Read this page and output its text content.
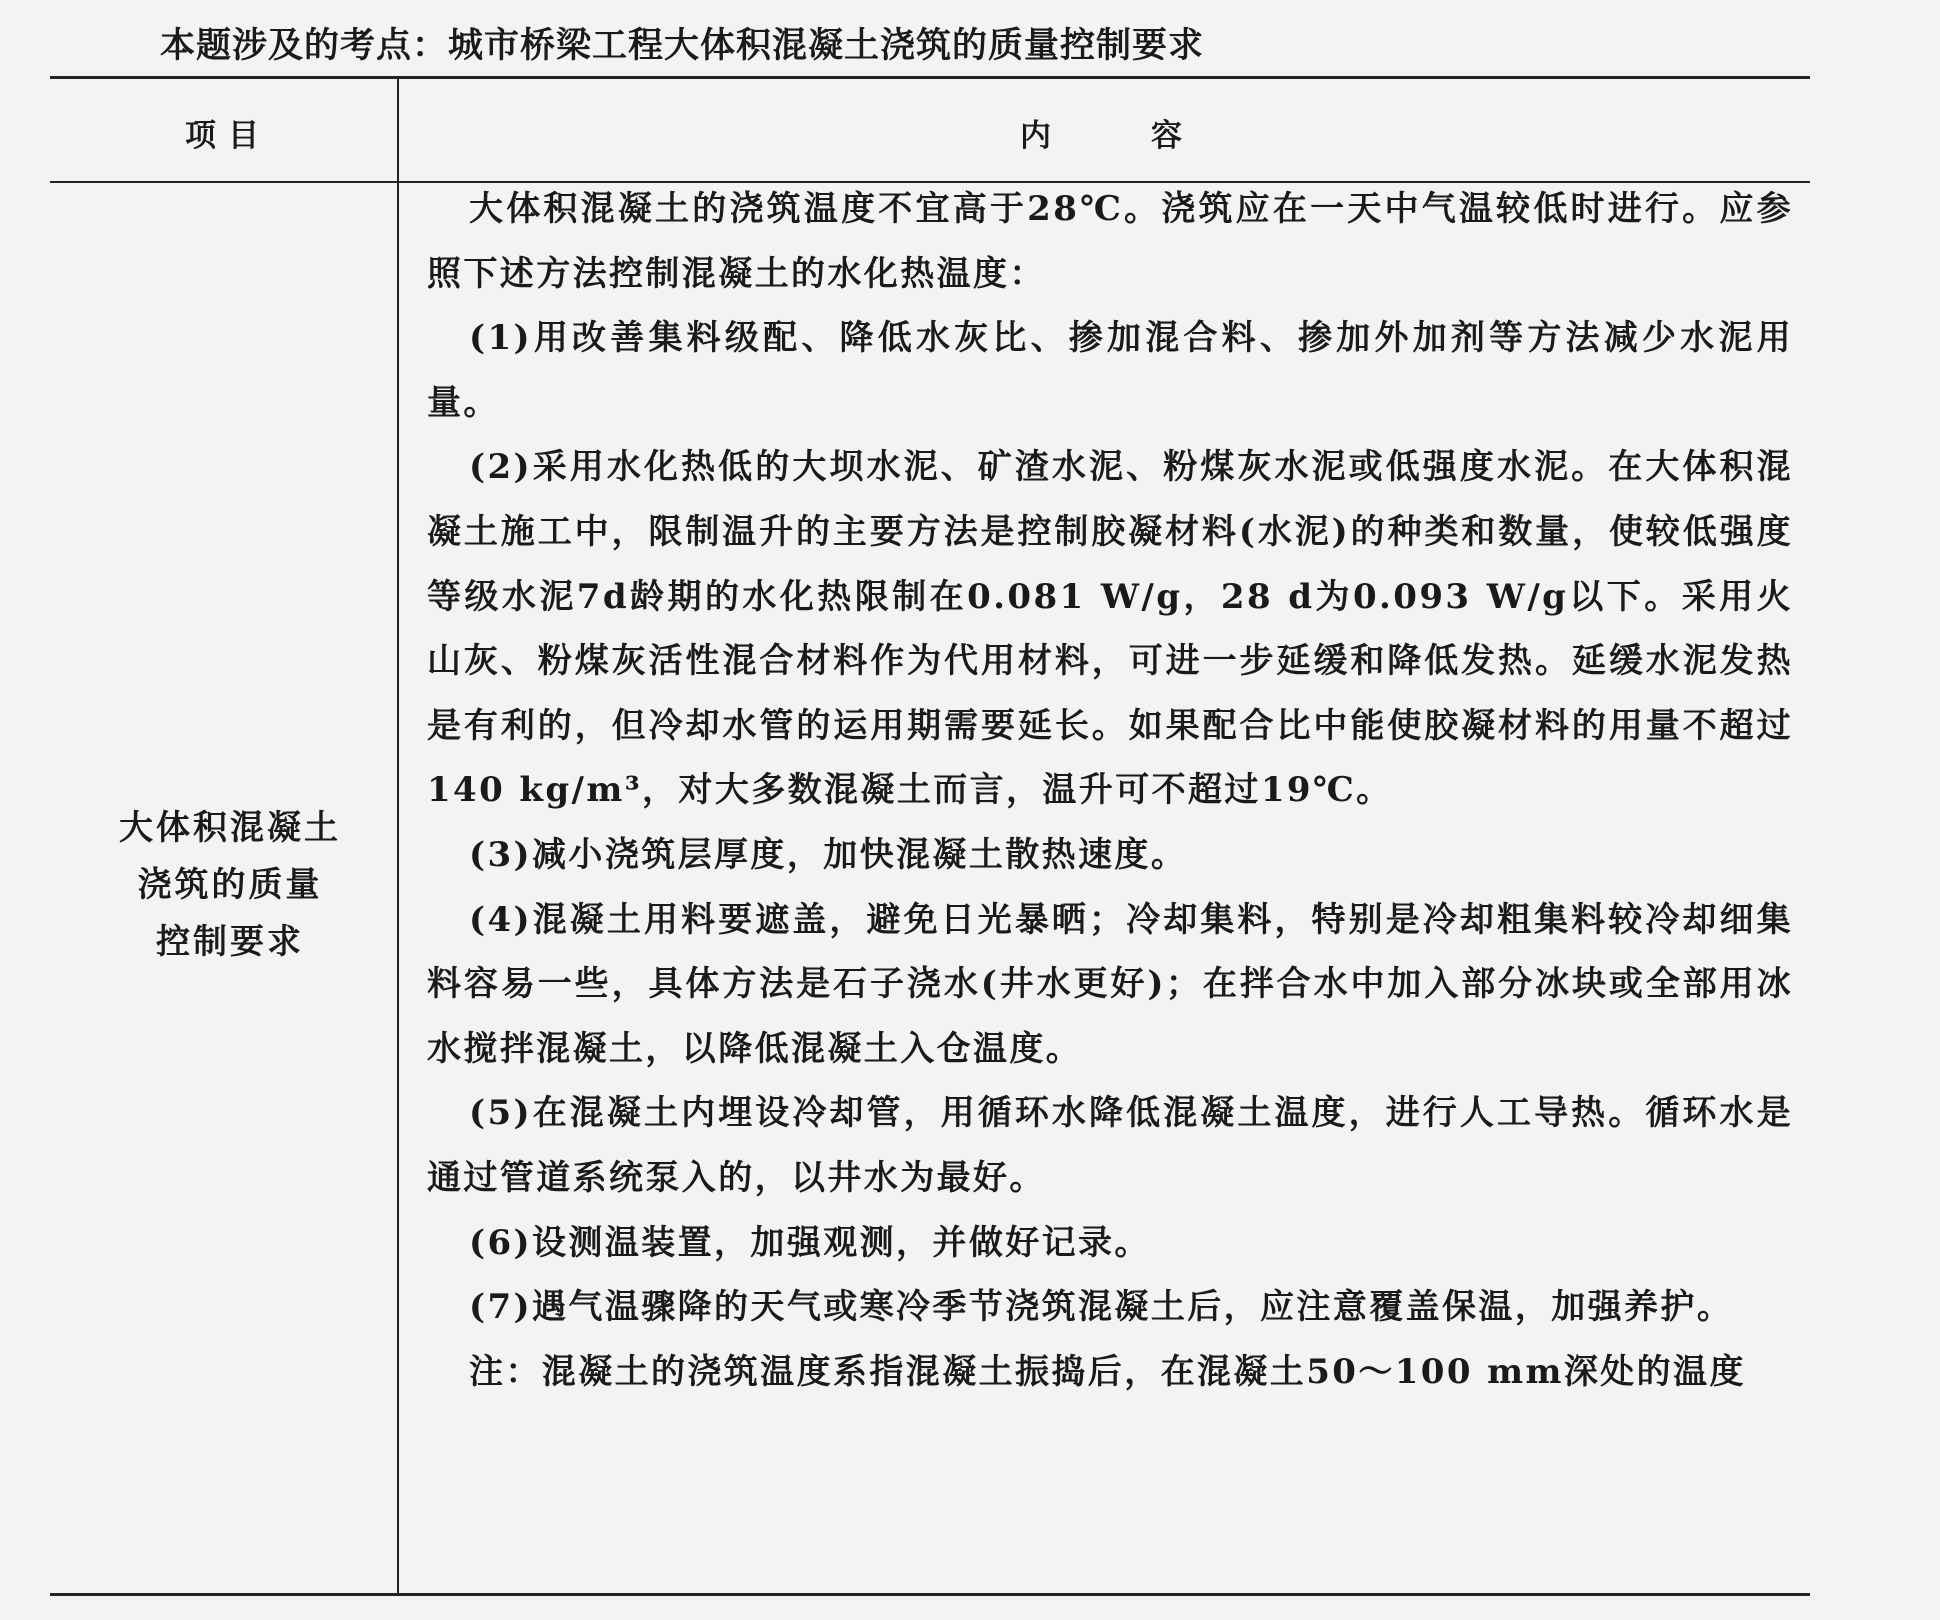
本题涉及的考点：城市桥梁工程大体积混凝土浇筑的质量控制要求
项目	内容
大体积混凝土
浇筑的质量
控制要求

大体积混凝土的浇筑温度不宜高于28℃。浇筑应在一天中气温较低时进行。应参照下述方法控制混凝土的水化热温度：

(1)用改善集料级配、降低水灰比、掺加混合料、掺加外加剂等方法减少水泥用量。

(2)采用水化热低的大坝水泥、矿渣水泥、粉煤灰水泥或低强度水泥。在大体积混凝土施工中，限制温升的主要方法是控制胶凝材料(水泥)的种类和数量，使较低强度等级水泥7d龄期的水化热限制在0.081 W/g，28 d为0.093 W/g以下。采用火山灰、粉煤灰活性混合材料作为代用材料，可进一步延缓和降低发热。延缓水泥发热是有利的，但冷却水管的运用期需要延长。如果配合比中能使胶凝材料的用量不超过140 kg/m³，对大多数混凝土而言，温升可不超过19℃。

(3)减小浇筑层厚度，加快混凝土散热速度。

(4)混凝土用料要遮盖，避免日光暴晒；冷却集料，特别是冷却粗集料较冷却细集料容易一些，具体方法是石子浇水(井水更好)；在拌合水中加入部分冰块或全部用冰水搅拌混凝土，以降低混凝土入仓温度。

(5)在混凝土内埋设冷却管，用循环水降低混凝土温度，进行人工导热。循环水是通过管道系统泵入的，以井水为最好。

(6)设测温装置，加强观测，并做好记录。

(7)遇气温骤降的天气或寒冷季节浇筑混凝土后，应注意覆盖保温，加强养护。

注：混凝土的浇筑温度系指混凝土振捣后，在混凝土50～100 mm深处的温度
